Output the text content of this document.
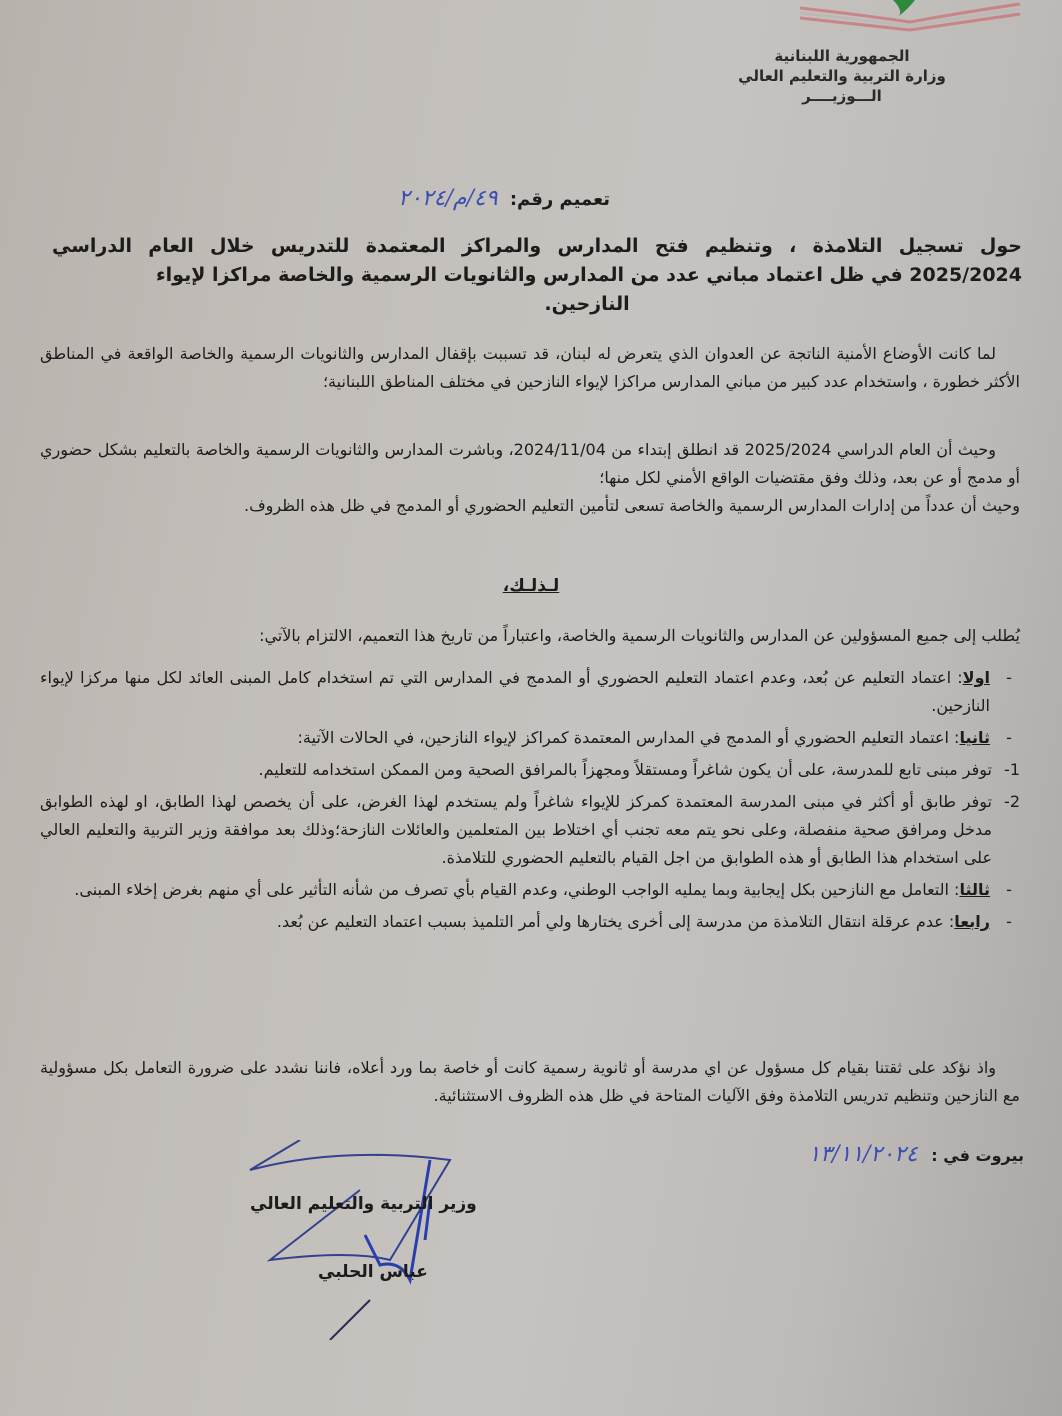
الجمهورية اللبنانية
وزارة التربية والتعليم العالي
الـــوزيــــر
تعميم رقم: ٤٩/م/٢٠٢٤
حول تسجيل التلامذة ، وتنظيم فتح المدارس والمراكز المعتمدة للتدريس خلال العام الدراسي 2025/2024 في ظل اعتماد مباني عدد من المدارس والثانويات الرسمية والخاصة مراكزا لإيواء
النازحين.
لما كانت الأوضاع الأمنية الناتجة عن العدوان الذي يتعرض له لبنان، قد تسببت بإقفال المدارس والثانويات الرسمية والخاصة الواقعة في المناطق الأكثر خطورة ، واستخدام عدد كبير من مباني المدارس مراكزا لإيواء النازحين في مختلف المناطق اللبنانية؛
وحيث أن العام الدراسي 2025/2024 قد انطلق إبتداء من 2024/11/04، وباشرت المدارس والثانويات الرسمية والخاصة بالتعليم بشكل حضوري أو مدمج أو عن بعد، وذلك وفق مقتضيات الواقع الأمني لكل منها؛
وحيث أن عدداً من إدارات المدارس الرسمية والخاصة تسعى لتأمين التعليم الحضوري أو المدمج في ظل هذه الظروف.
لـذلـك،
يُطلب إلى جميع المسؤولين عن المدارس والثانويات الرسمية والخاصة، واعتباراً من تاريخ هذا التعميم، الالتزام بالآتي:
-
اولا: اعتماد التعليم عن بُعد، وعدم اعتماد التعليم الحضوري أو المدمج في المدارس التي تم استخدام كامل المبنى العائد لكل منها مركزا لإيواء النازحين.
-
ثانيا: اعتماد التعليم الحضوري أو المدمج في المدارس المعتمدة كمراكز لإيواء النازحين، في الحالات الآتية:
1-
توفر مبنى تابع للمدرسة، على أن يكون شاغراً ومستقلاً ومجهزاً بالمرافق الصحية ومن الممكن استخدامه للتعليم.
2-
توفر طابق أو أكثر في مبنى المدرسة المعتمدة كمركز للإيواء شاغراً ولم يستخدم لهذا الغرض، على أن يخصص لهذا الطابق، او لهذه الطوابق مدخل ومرافق صحية منفصلة، وعلى نحو يتم معه تجنب أي اختلاط بين المتعلمين والعائلات النازحة؛وذلك بعد موافقة وزير التربية والتعليم العالي على استخدام هذا الطابق أو هذه الطوابق من اجل القيام بالتعليم الحضوري للتلامذة.
-
ثالثا: التعامل مع النازحين بكل إيجابية وبما يمليه الواجب الوطني، وعدم القيام بأي تصرف من شأنه التأثير على أي منهم بغرض إخلاء المبنى.
-
رابعا: عدم عرقلة انتقال التلامذة من مدرسة إلى أخرى يختارها ولي أمر التلميذ بسبب اعتماد التعليم عن بُعد.
واذ نؤكد على ثقتنا بقيام كل مسؤول عن اي مدرسة أو ثانوية رسمية كانت أو خاصة بما ورد أعلاه، فاننا نشدد على ضرورة التعامل بكل مسؤولية مع النازحين وتنظيم تدريس التلامذة وفق الآليات المتاحة في ظل هذه الظروف الاستثنائية.
بيروت في : ١٣/١١/٢٠٢٤
وزير التربية والتعليم العالي
عباس الحلبي
